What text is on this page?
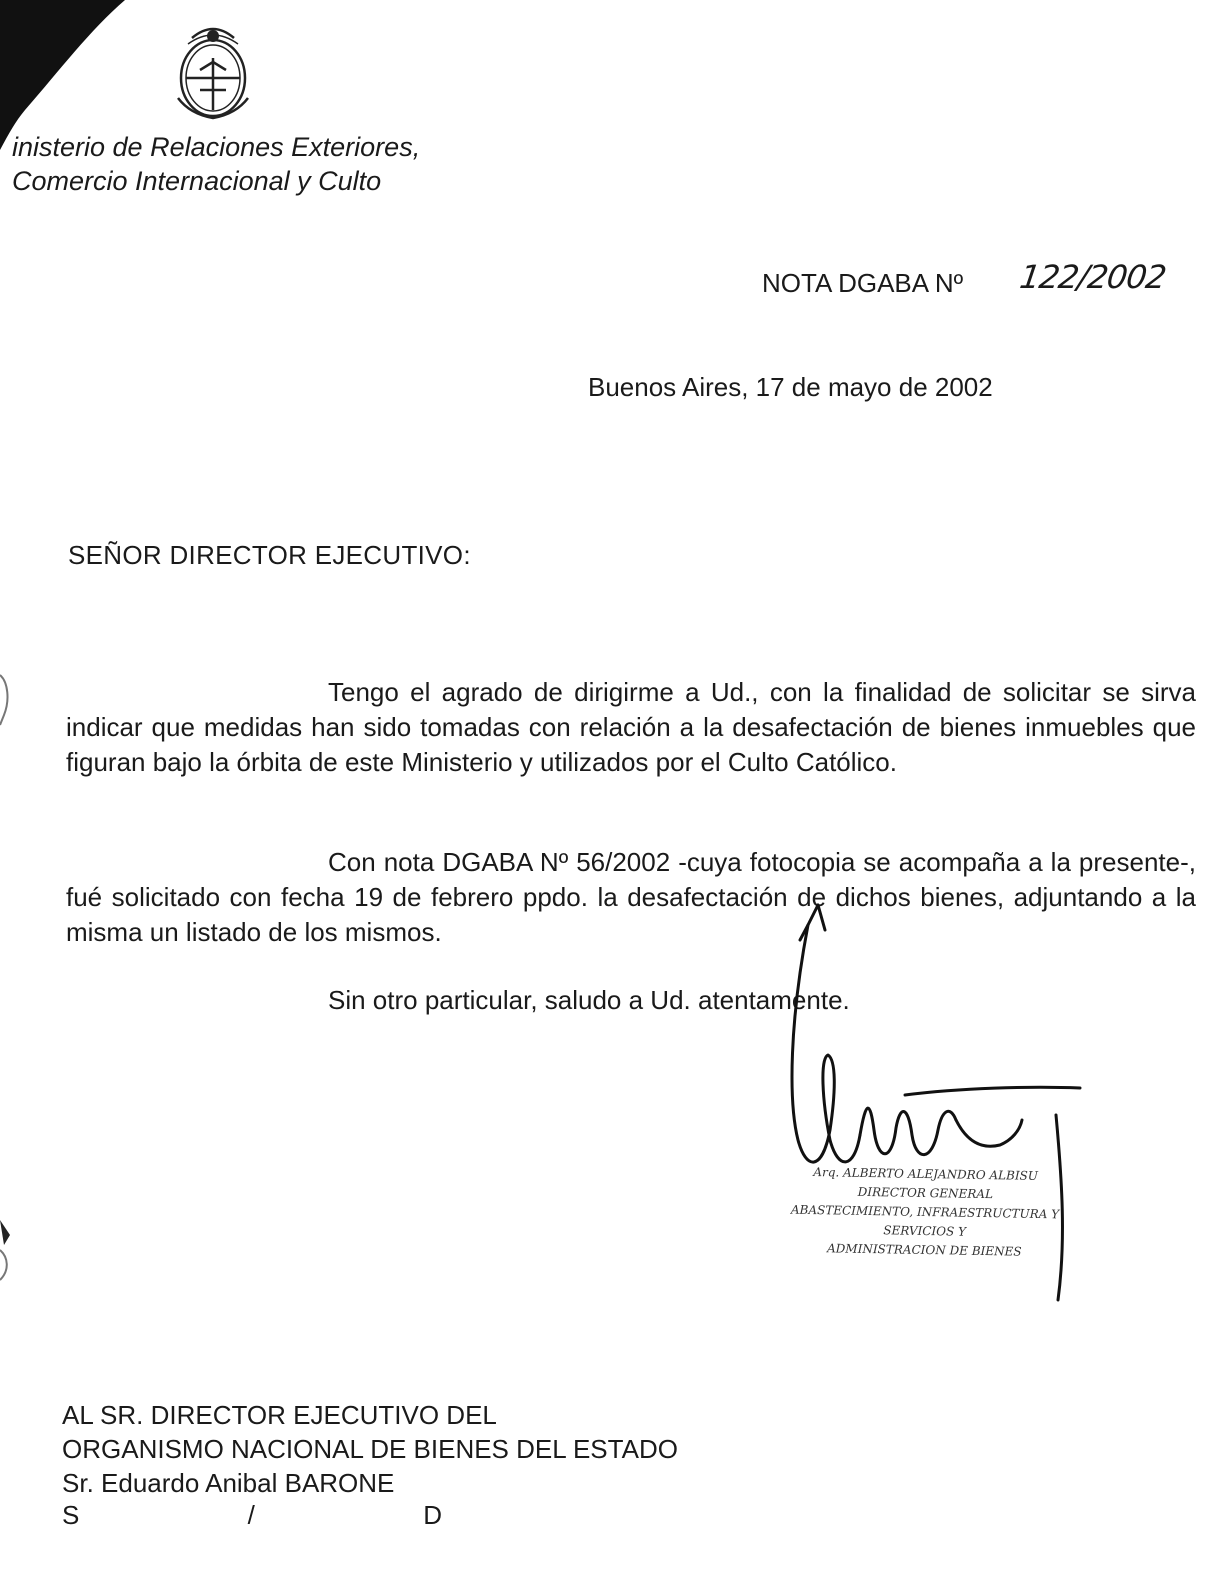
inisterio de Relaciones Exteriores,
Comercio Internacional y Culto
NOTA DGABA Nº 122/2002
Buenos Aires, 17 de mayo de 2002
SEÑOR DIRECTOR EJECUTIVO:
Tengo el agrado de dirigirme a Ud., con la finalidad de solicitar se sirva indicar que medidas han sido tomadas con relación a la desafectación de bienes inmuebles que figuran bajo la órbita de este Ministerio y utilizados por el Culto Católico.
Con nota DGABA Nº 56/2002 -cuya fotocopia se acompaña a la presente-, fué solicitado con fecha 19 de febrero ppdo. la desafectación de dichos bienes, adjuntando a la misma un listado de los mismos.
Sin otro particular, saludo a Ud. atentamente.
Arq. ALBERTO ALEJANDRO ALBISU
DIRECTOR GENERAL
ABASTECIMIENTO, INFRAESTRUCTURA Y SERVICIOS Y
ADMINISTRACION DE BIENES
AL SR. DIRECTOR EJECUTIVO DEL
ORGANISMO NACIONAL DE BIENES DEL ESTADO
Sr. Eduardo Anibal BARONE
S	/	D
